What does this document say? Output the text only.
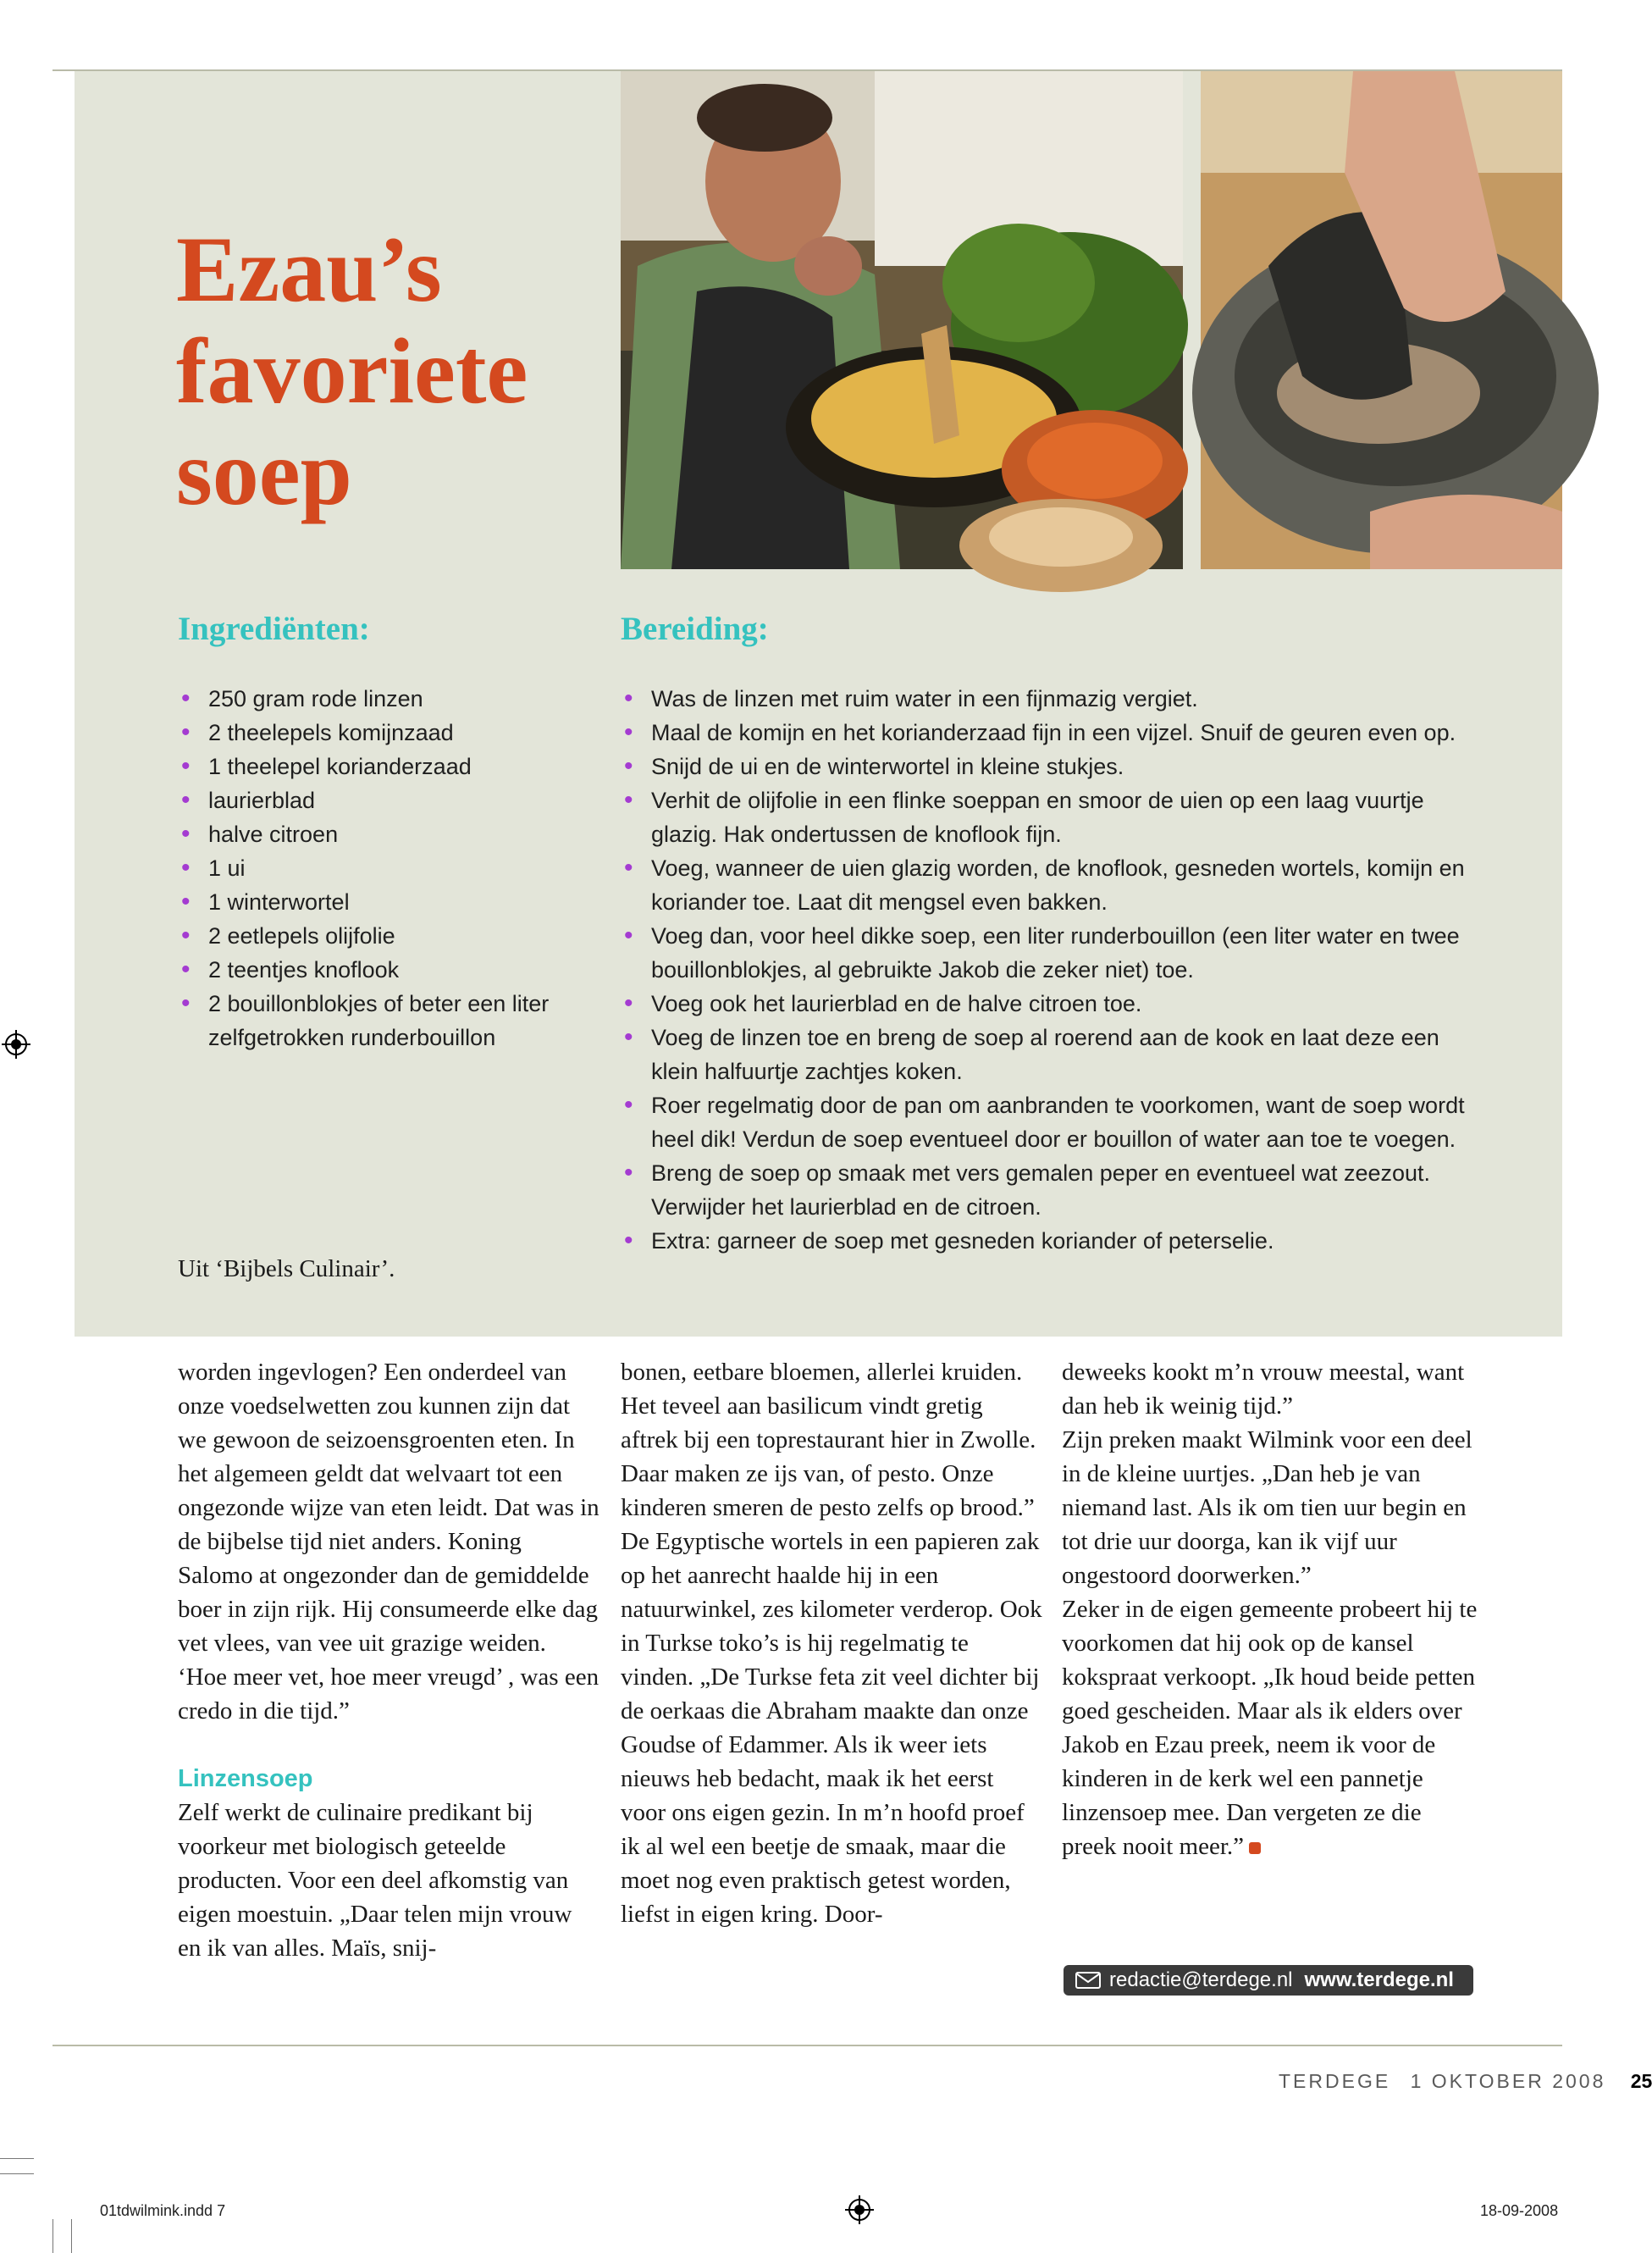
Ezau’s
favoriete
soep
Ingrediënten:	Bereiding:
• 250 gram rode linzen
• 2 theelepels komijnzaad
• 1 theelepel korianderzaad
• laurierblad
• halve citroen
• 1 ui
• 1 winterwortel
• 2 eetlepels olijfolie
• 2 teentjes knoflook
• 2 bouillonblokjes of beter een liter zelfgetrokken runderbouillon
• Was de linzen met ruim water in een fijnmazig vergiet.
• Maal de komijn en het korianderzaad fijn in een vijzel. Snuif de geuren even op.
• Snijd de ui en de winterwortel in kleine stukjes.
• Verhit de olijfolie in een flinke soeppan en smoor de uien op een laag vuurtje glazig. Hak ondertussen de knoflook fijn.
• Voeg, wanneer de uien glazig worden, de knoflook, gesneden wortels, komijn en koriander toe. Laat dit mengsel even bakken.
• Voeg dan, voor heel dikke soep, een liter runderbouillon (een liter water en twee bouillonblokjes, al gebruikte Jakob die zeker niet) toe.
• Voeg ook het laurierblad en de halve citroen toe.
• Voeg de linzen toe en breng de soep al roerend aan de kook en laat deze een klein halfuurtje zachtjes koken.
• Roer regelmatig door de pan om aanbranden te voorkomen, want de soep wordt heel dik! Verdun de soep eventueel door er bouillon of water aan toe te voegen.
• Breng de soep op smaak met vers gemalen peper en eventueel wat zeezout. Verwijder het laurierblad en de citroen.
• Extra: garneer de soep met gesneden koriander of peterselie.
Uit ‘Bijbels Culinair’.

worden ingevlogen? Een onderdeel van onze voedselwetten zou kunnen zijn dat we gewoon de seizoensgroenten eten. In het algemeen geldt dat welvaart tot een ongezonde wijze van eten leidt. Dat was in de bijbelse tijd niet anders. Koning Salomo at ongezonder dan de gemiddelde boer in zijn rijk. Hij consumeerde elke dag vet vlees, van vee uit grazige weiden. ‘Hoe meer vet, hoe meer vreugd’ , was een credo in die tijd.”

Linzensoep

Zelf werkt de culinaire predikant bij voorkeur met biologisch geteelde producten. Voor een deel afkomstig van eigen moestuin. „Daar telen mijn vrouw en ik van alles. Maïs, snij-

bonen, eetbare bloemen, allerlei kruiden. Het teveel aan basilicum vindt gretig aftrek bij een toprestaurant hier in Zwolle. Daar maken ze ijs van, of pesto. Onze kinderen smeren de pesto zelfs op brood.”

De Egyptische wortels in een papieren zak op het aanrecht haalde hij in een natuurwinkel, zes kilometer verderop. Ook in Turkse toko’s is hij regelmatig te vinden. „De Turkse feta zit veel dichter bij de oerkaas die Abraham maakte dan onze Goudse of Edammer. Als ik weer iets nieuws heb bedacht, maak ik het eerst voor ons eigen gezin. In m’n hoofd proef ik al wel een beetje de smaak, maar die moet nog even praktisch getest worden, liefst in eigen kring. Door-

deweeks kookt m’n vrouw meestal, want dan heb ik weinig tijd.”

Zijn preken maakt Wilmink voor een deel in de kleine uurtjes. „Dan heb je van niemand last. Als ik om tien uur begin en tot drie uur doorga, kan ik vijf uur ongestoord doorwerken.”

Zeker in de eigen gemeente probeert hij te voorkomen dat hij ook op de kansel kokspraat verkoopt. „Ik houd beide petten goed gescheiden. Maar als ik elders over Jakob en Ezau preek, neem ik voor de kinderen in de kerk wel een pannetje linzensoep mee. Dan vergeten ze die preek nooit meer.”

redactie@terdege.nl www.terdege.nl
TERDEGE 1 OKTOBER 2008 25
01tdwilmink.indd 7	18-09-2008
